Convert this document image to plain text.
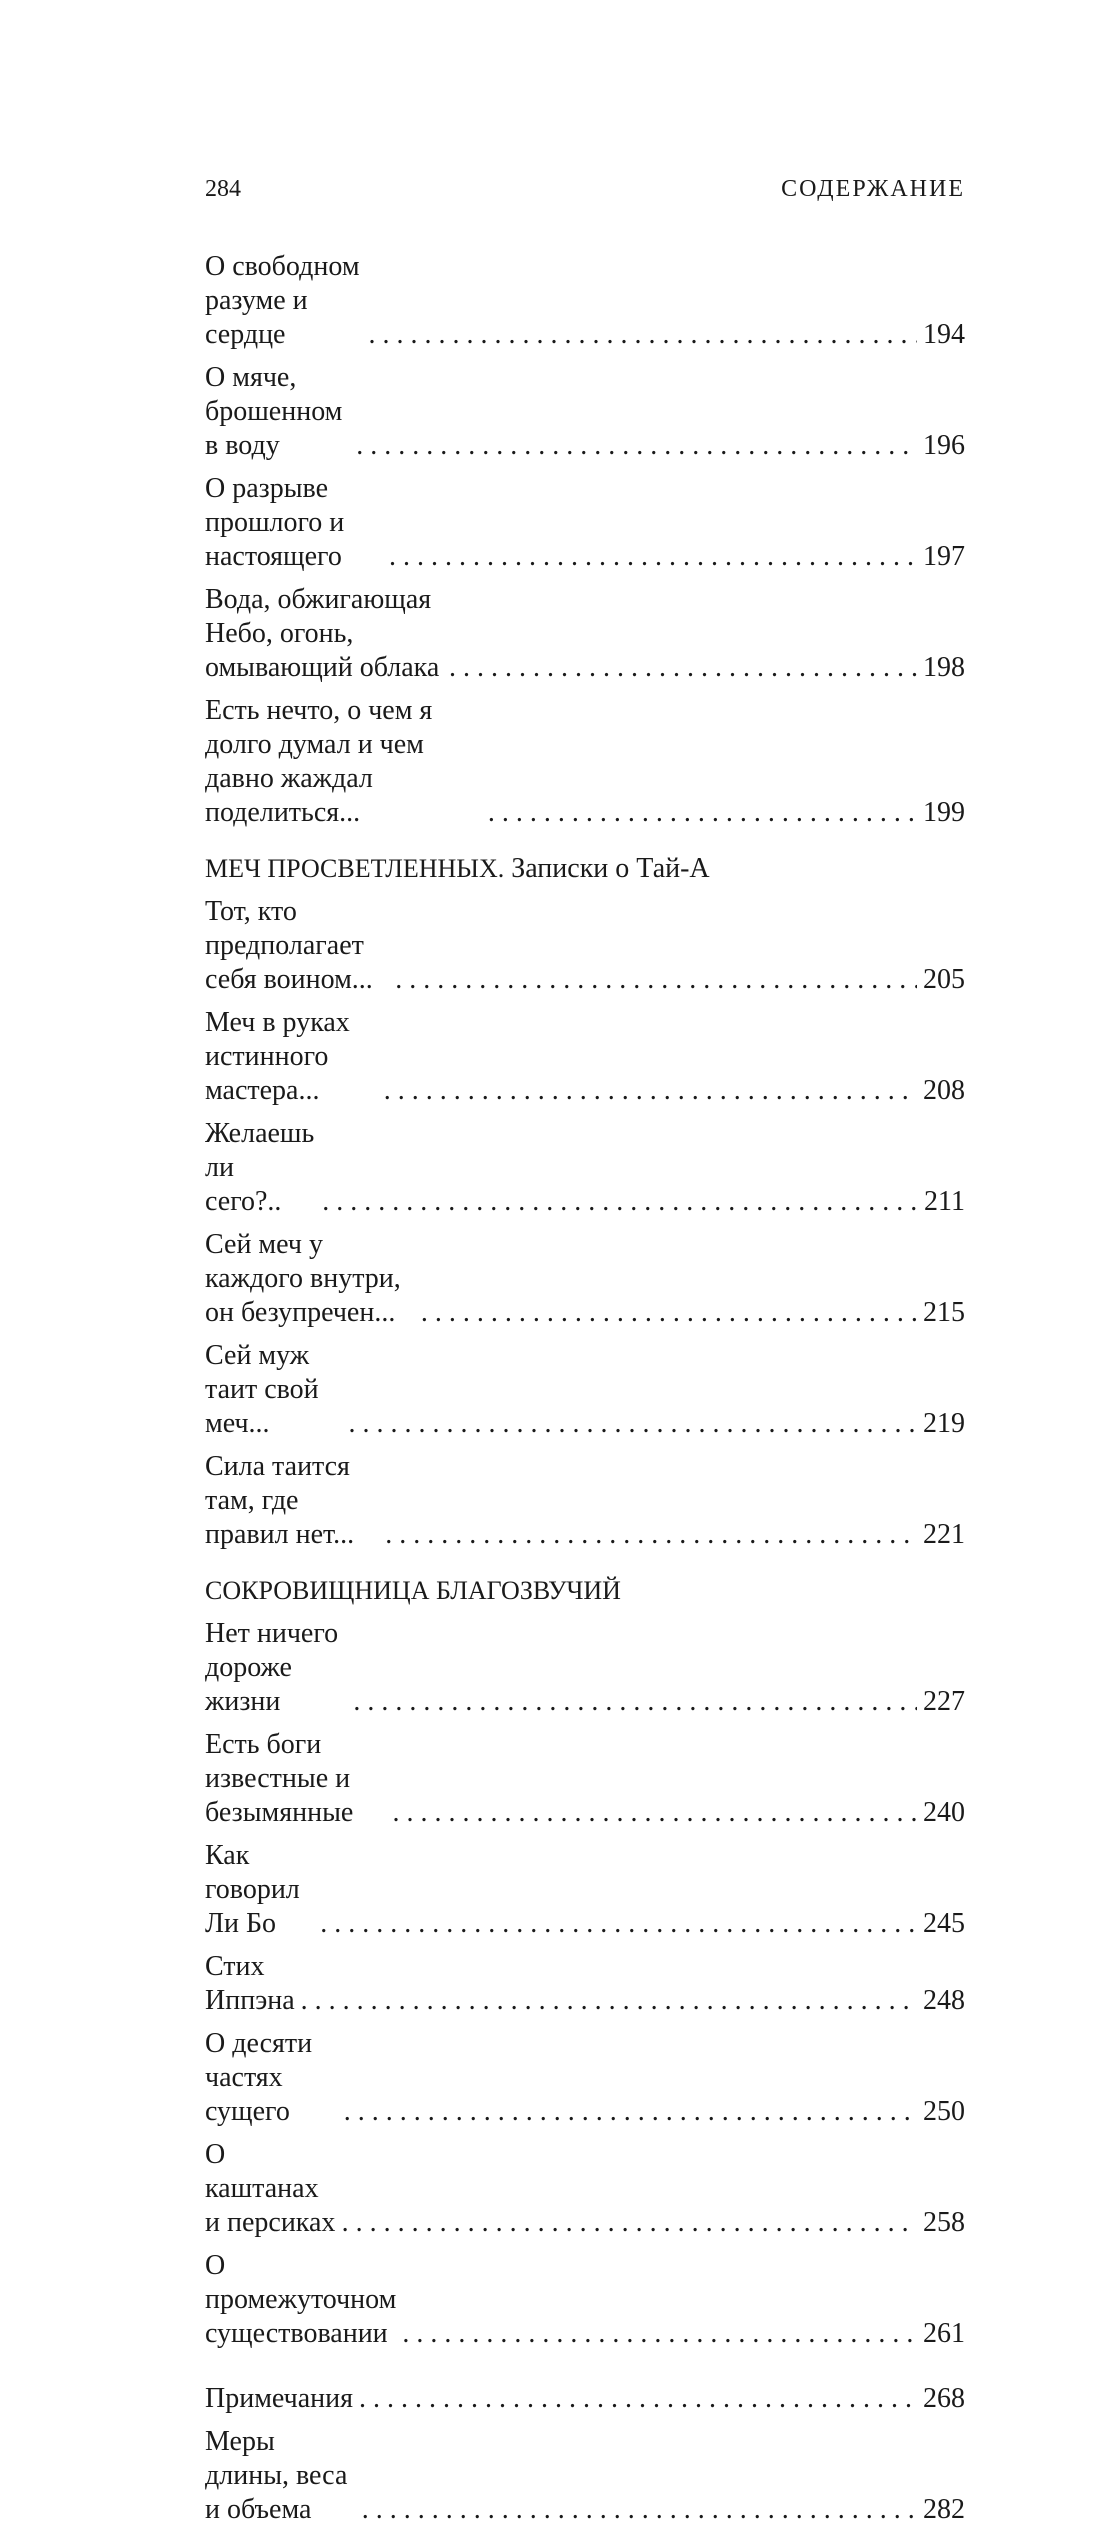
284	СОДЕРЖАНИЕ
О свободном разуме и сердце . . .	194
О мяче, брошенном в воду . . .	196
О разрыве прошлого и настоящего . . .	197
Вода, обжигающая Небо, огонь, омывающий облака . . .	198
Есть нечто, о чем я долго думал и чем давно жаждал поделиться... . . .	199
МЕЧ ПРОСВЕТЛЕННЫХ. Записки о Тай-А
Тот, кто предполагает себя воином... . . .	205
Меч в руках истинного мастера... . . .	208
Желаешь ли сего?.. . . .	211
Сей меч у каждого внутри, он безупречен... . . .	215
Сей муж таит свой меч... . . .	219
Сила таится там, где правил нет... . . .	221
СОКРОВИЩНИЦА БЛАГОЗВУЧИЙ
Нет ничего дороже жизни . . .	227
Есть боги известные и безымянные . . .	240
Как говорил Ли Бо . . .	245
Стих Иппэна . . .	248
О десяти частях сущего . . .	250
О каштанах и персиках . . .	258
О промежуточном существовании . . .	261
Примечания . . .	268
Меры длины, веса и объема . . .	282
